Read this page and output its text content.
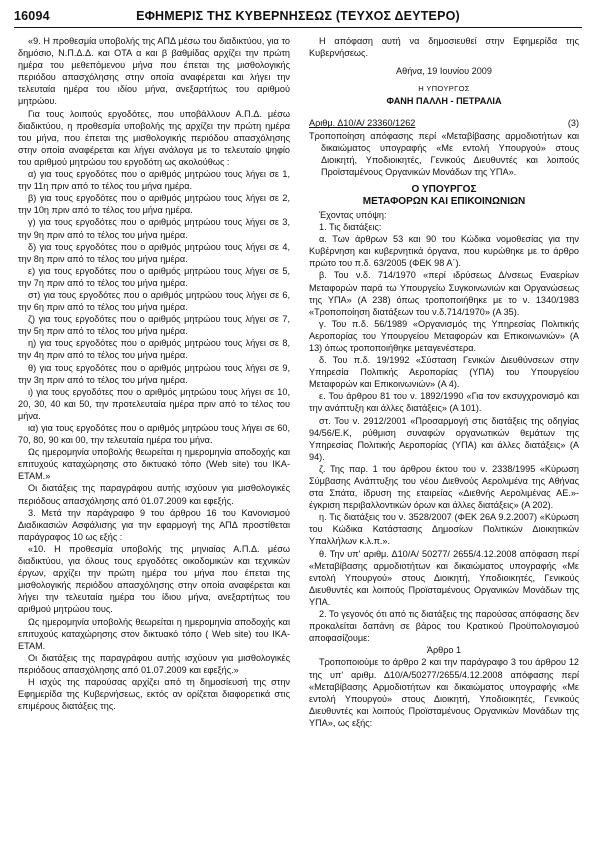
16094	ΕΦΗΜΕΡΙΣ ΤΗΣ ΚΥΒΕΡΝΗΣΕΩΣ (ΤΕΥΧΟΣ ΔΕΥΤΕΡΟ)

«9. Η προθεσμία υποβολής της ΑΠΔ μέσω του διαδικτύου, για το δημόσιο, Ν.Π.Δ.Δ. και ΟΤΑ α και β βαθμίδας αρχίζει την πρώτη ημέρα του μεθεπόμενου μήνα που έπεται της μισθολογικής περιόδου απασχόλησης στην οποία αναφέρεται και λήγει την τελευταία ημέρα του ιδίου μήνα, ανεξαρτήτως του αριθμού μητρώου.

Για τους λοιπούς εργοδότες, που υποβάλλουν Α.Π.Δ. μέσω διαδικτύου, η προθεσμία υποβολής της αρχίζει την πρώτη ημέρα του μήνα, που έπεται της μισθολογικής περιόδου απασχόλησης στην οποία αναφέρεται και λήγει ανάλογα με το τελευταίο ψηφίο του αριθμού μητρώου του εργοδότη ως ακολούθως :

α) για τους εργοδότες που ο αριθμός μητρώου τους λήγει σε 1, την 11η πριν από το τέλος του μήνα ημέρα.

β) για τους εργοδότες που ο αριθμός μητρώου τους λήγει σε 2, την 10η πριν από το τέλος του μήνα ημέρα.

γ) για τους εργοδότες που ο αριθμός μητρώου τους λήγει σε 3, την 9η πριν από το τέλος του μήνα ημέρα.

δ) για τους εργοδότες που ο αριθμός μητρώου τους λήγει σε 4, την 8η πριν από το τέλος του μήνα ημέρα.

ε) για τους εργοδότες που ο αριθμός μητρώου τους λήγει σε 5, την 7η πριν από το τέλος του μήνα ημέρα.

στ) για τους εργοδότες που ο αριθμός μητρώου τους λήγει σε 6, την 6η πριν από το τέλος του μήνα ημέρα.

ζ) για τους εργοδότες που ο αριθμός μητρώου τους λήγει σε 7, την 5η πριν από το τέλος του μήνα ημέρα.

η) για τους εργοδότες που ο αριθμός μητρώου τους λήγει σε 8, την 4η πριν από το τέλος του μήνα ημέρα.

θ) για τους εργοδότες που ο αριθμός μητρώου τους λήγει σε 9, την 3η πριν από το τέλος του μήνα ημέρα.

ι) για τους εργοδότες που ο αριθμός μητρώου τους λήγει σε 10, 20, 30, 40 και 50, την προτελευταία ημέρα πριν από το τέλος του μήνα.

ια) για τους εργοδότες που ο αριθμός μητρώου τους λήγει σε 60, 70, 80, 90 και 00, την τελευταία ημέρα του μήνα.

Ως ημερομηνία υποβολής θεωρείται η ημερομηνία αποδοχής και επιτυχούς καταχώρησης στο δικτυακό τόπο (Web site) του ΙΚΑ- ΕΤΑΜ.»

Οι διατάξεις της παραγράφου αυτής ισχύουν για μισθολογικές περιόδους απασχόλησης από 01.07.2009 και εφεξής.

3. Μετά την παράγραφο 9 του άρθρου 16 του Κανονισμού Διαδικασιών Ασφάλισης για την εφαρμογή της ΑΠΔ προστίθεται παράγραφος 10 ως εξής :

«10. Η προθεσμία υποβολής της μηνιαίας Α.Π.Δ. μέσω διαδικτύου, για όλους τους εργοδότες οικοδομικών και τεχνικών έργων, αρχίζει την πρώτη ημέρα του μήνα που έπεται της μισθολογικής περιόδου απασχόλησης στην οποία αναφέρεται και λήγει την τελευταία ημέρα του ίδιου μήνα, ανεξαρτήτως του αριθμού μητρώου τους.

Ως ημερομηνία υποβολής θεωρείται η ημερομηνία αποδοχής και επιτυχούς καταχώρησης στον δικτυακό τόπο ( Web site) του ΙΚΑ-ΕΤΑΜ.

Οι διατάξεις της παραγράφου αυτής ισχύουν για μισθολογικές περιόδους απασχόλησης από 01.07.2009 και εφεξής.»

Η ισχύς της παρούσας αρχίζει από τη δημοσίευσή της στην Εφημερίδα της Κυβερνήσεως, εκτός αν ορίζεται διαφορετικά στις επιμέρους διατάξεις της.

Η απόφαση αυτή να δημοσιευθεί στην Εφημερίδα της Κυβερνήσεως.

Αθήνα, 19 Ιουνίου 2009

Η ΥΠΟΥΡΓΟΣ

ΦΑΝΗ ΠΑΛΛΗ - ΠΕΤΡΑΛΙΑ

Αριθμ. Δ10/Α/ 23360/1262	(3)

Τροποποίηση απόφασης περί «Μεταβίβασης αρμοδιοτήτων και δικαιώματος υπογραφής «Με εντολή Υπουργού» στους Διοικητή, Υποδιοικητές, Γενικούς Διευθυντές και λοιπούς Προϊσταμένους Οργανικών Μονάδων της ΥΠΑ».

Ο ΥΠΟΥΡΓΟΣ

ΜΕΤΑΦΟΡΩΝ ΚΑΙ ΕΠΙΚΟΙΝΩΝΙΩΝ

Έχοντας υπόψη:

1. Τις διατάξεις:

α. Των άρθρων 53 και 90 του Κώδικα νομοθεσίας για την Κυβέρνηση και κυβερνητικά όργανα, που κυρώθηκε με το άρθρο πρώτο του π.δ. 63/2005 (ΦΕΚ 98 Α΄).

β. Του ν.δ. 714/1970 «περί ιδρύσεως Δ/νσεως Εναερίων Μεταφορών παρά τω Υπουργείω Συγκοινωνιών και Οργανώσεως της ΥΠΑ» (Α 238) όπως τροποποιήθηκε με το ν. 1340/1983 «Τροποποίηση διατάξεων του ν.δ.714/1970» (Α 35).

γ. Του π.δ. 56/1989 «Οργανισμός της Υπηρεσίας Πολιτικής Αεροπορίας του Υπουργείου Μεταφορών και Επικοινωνιών» (Α 13) όπως τροποποιήθηκε μεταγενέστερα.

δ. Του π.δ. 19/1992 «Σύσταση Γενικών Διευθύνσεων στην Υπηρεσία Πολιτικής Αεροπορίας (ΥΠΑ) του Υπουργείου Μεταφορών και Επικοινωνιών» (Α 4).

ε. Του άρθρου 81 του ν. 1892/1990 «Για τον εκσυγχρονισμό και την ανάπτυξη και άλλες διατάξεις» (Α 101).

στ. Του ν. 2912/2001 «Προσαρμογή στις διατάξεις της οδηγίας 94/56/Ε.Κ, ρύθμιση συναφών οργανωτικών θεμάτων της Υπηρεσίας Πολιτικής Αεροπορίας (ΥΠΑ) και άλλες διατάξεις» (Α 94).

ζ. Της παρ. 1 του άρθρου έκτου του ν. 2338/1995 «Κύρωση Σύμβασης Ανάπτυξης του νέου Διεθνούς Αερολιμένα της Αθήνας στα Σπάτα, ίδρυση της εταιρείας «Διεθνής Αερολιμένας ΑΕ.»-έγκριση περιβαλλοντικών όρων και άλλες διατάξεις» (Α 202).

η. Τις διατάξεις του ν. 3528/2007 (ΦΕΚ 26Α 9.2.2007) «Κύρωση του Κώδικα Κατάστασης Δημοσίων Πολιτικών Διοικητικών Υπαλλήλων κ.λ.π.».

θ. Την υπ' αριθμ. Δ10/Α/ 50277/ 2655/4.12.2008 απόφαση περί «Μεταβίβασης αρμοδιοτήτων και δικαιώματος υπογραφής «Με εντολή Υπουργού» στους Διοικητή, Υποδιοικητές, Γενικούς Διευθυντές και λοιπούς Προϊσταμένους Οργανικών Μονάδων της ΥΠΑ.

2. Το γεγονός ότι από τις διατάξεις της παρούσας απόφασης δεν προκαλείται δαπάνη σε βάρος του Κρατικού Προϋπολογισμού αποφασίζουμε:

Άρθρο 1

Τροποποιούμε το άρθρο 2 και την παράγραφο 3 του άρθρου 12 της υπ' αριθμ. Δ10/Α/50277/2655/4.12.2008 απόφασης περί «Μεταβίβασης Αρμοδιοτήτων και δικαιώματος υπογραφής «Με εντολή Υπουργού» στους Διοικητή, Υποδιοικητές, Γενικούς Διευθυντές και λοιπούς Προϊσταμένους Οργανικών Μονάδων της ΥΠΑ», ως εξής:
